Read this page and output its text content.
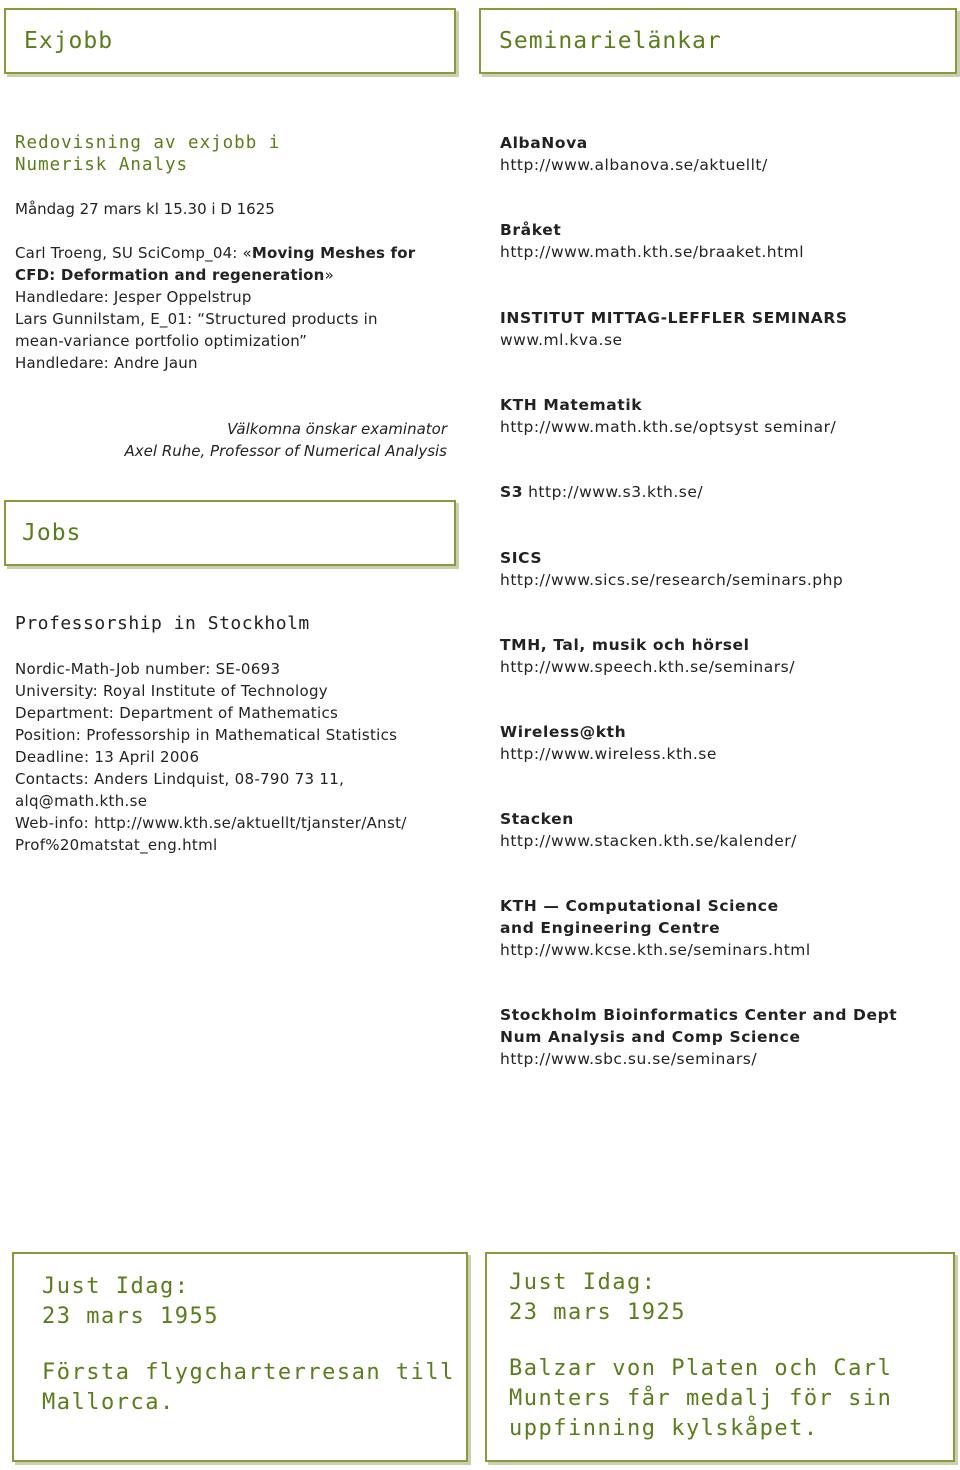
Exjobb	Seminarielänkar
Redovisning av exjobb i
Numerisk Analys
Måndag 27 mars kl 15.30 i D 1625
Carl Troeng, SU SciComp_04: «Moving Meshes for
CFD: Deformation and regeneration»
Handledare: Jesper Oppelstrup
Lars Gunnilstam, E_01: “Structured products in
mean-variance portfolio optimization”
Handledare: Andre Jaun
Välkomna önskar examinator
Axel Ruhe, Professor of Numerical Analysis
Jobs
Professorship in Stockholm
Nordic-Math-Job number: SE-0693
University: Royal Institute of Technology
Department: Department of Mathematics
Position: Professorship in Mathematical Statistics
Deadline: 13 April 2006
Contacts: Anders Lindquist, 08-790 73 11,
alq@math.kth.se
Web-info: http://www.kth.se/aktuellt/tjanster/Anst/
Prof%20matstat_eng.html
AlbaNova
http://www.albanova.se/aktuellt/
Bråket
http://www.math.kth.se/braaket.html
INSTITUT MITTAG-LEFFLER SEMINARS
www.ml.kva.se
KTH Matematik
http://www.math.kth.se/optsyst seminar/
S3 http://www.s3.kth.se/
SICS
http://www.sics.se/research/seminars.php
TMH, Tal, musik och hörsel
http://www.speech.kth.se/seminars/
Wireless@kth
http://www.wireless.kth.se
Stacken
http://www.stacken.kth.se/kalender/
KTH — Computational Science
and Engineering Centre
http://www.kcse.kth.se/seminars.html
Stockholm Bioinformatics Center and Dept
Num Analysis and Comp Science
http://www.sbc.su.se/seminars/
Just Idag:
23 mars 1955
Första flygcharterresan till
Mallorca.
Just Idag:
23 mars 1925
Balzar von Platen och Carl
Munters får medalj för sin
uppfinning kylskåpet.
